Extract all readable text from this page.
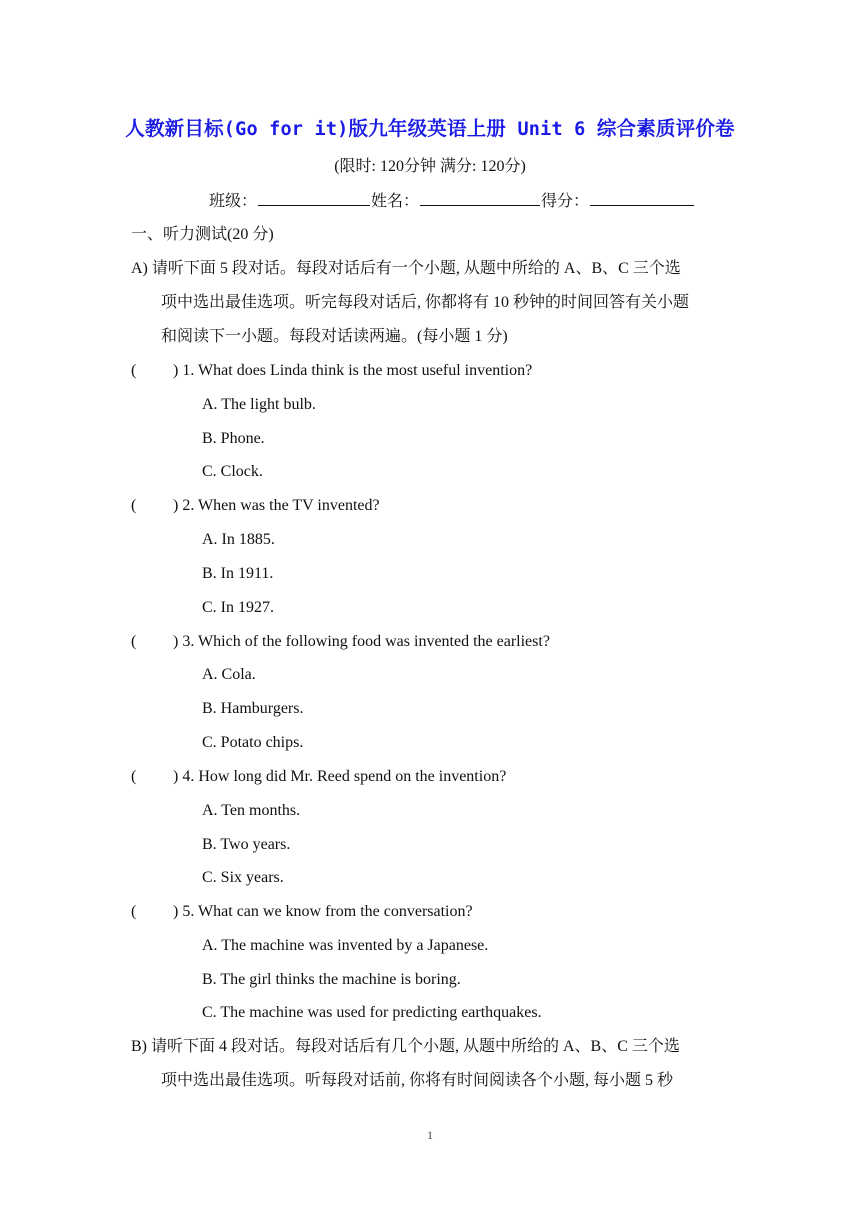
人教新目标(Go for it)版九年级英语上册 Unit 6 综合素质评价卷
(限时: 120分钟 满分: 120分)
班级：	姓名：	得分：
一、听力测试(20 分)
A) 请听下面 5 段对话。每段对话后有一个小题, 从题中所给的 A、B、C 三个选
项中选出最佳选项。听完每段对话后, 你都将有 10 秒钟的时间回答有关小题
和阅读下一小题。每段对话读两遍。(每小题 1 分)
( ) 1. What does Linda think is the most useful invention?
A. The light bulb.
B. Phone.
C. Clock.
( ) 2. When was the TV invented?
A. In 1885.
B. In 1911.
C. In 1927.
( ) 3. Which of the following food was invented the earliest?
A. Cola.
B. Hamburgers.
C. Potato chips.
( ) 4. How long did Mr. Reed spend on the invention?
A. Ten months.
B. Two years.
C. Six years.
( ) 5. What can we know from the conversation?
A. The machine was invented by a Japanese.
B. The girl thinks the machine is boring.
C. The machine was used for predicting earthquakes.
B) 请听下面 4 段对话。每段对话后有几个小题, 从题中所给的 A、B、C 三个选
项中选出最佳选项。听每段对话前, 你将有时间阅读各个小题, 每小题 5 秒
1
